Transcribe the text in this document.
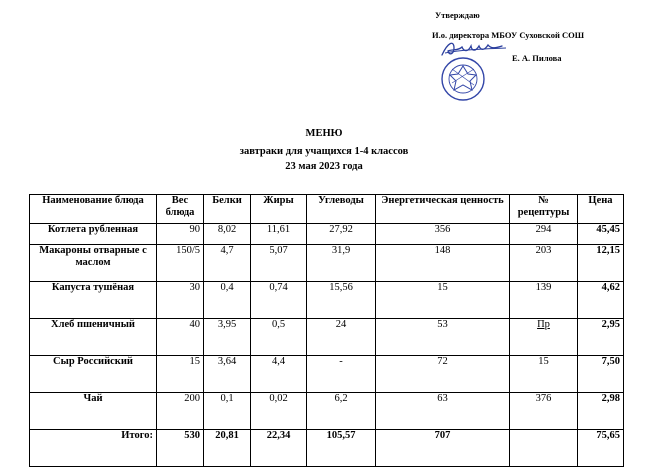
Утверждаю
И.о. директора МБОУ Суховской СОШ
Е. А. Пилова
МЕНЮ
завтраки для учащихся 1-4 классов
23 мая 2023 года
Наименование блюда	Вес блюда	Белки	Жиры	Углеводы	Энергетическая ценность	№ рецептуры	Цена
Котлета рубленная	90	8,02	11,61	27,92	356	294	45,45
Макароны отварные с маслом	150/5	4,7	5,07	31,9	148	203	12,15
Капуста тушёная	30	0,4	0,74	15,56	15	139	4,62
Хлеб пшеничный	40	3,95	0,5	24	53	Пр	2,95
Сыр Российский	15	3,64	4,4	-	72	15	7,50
Чай	200	0,1	0,02	6,2	63	376	2,98
Итого:	530	20,81	22,34	105,57	707		75,65
